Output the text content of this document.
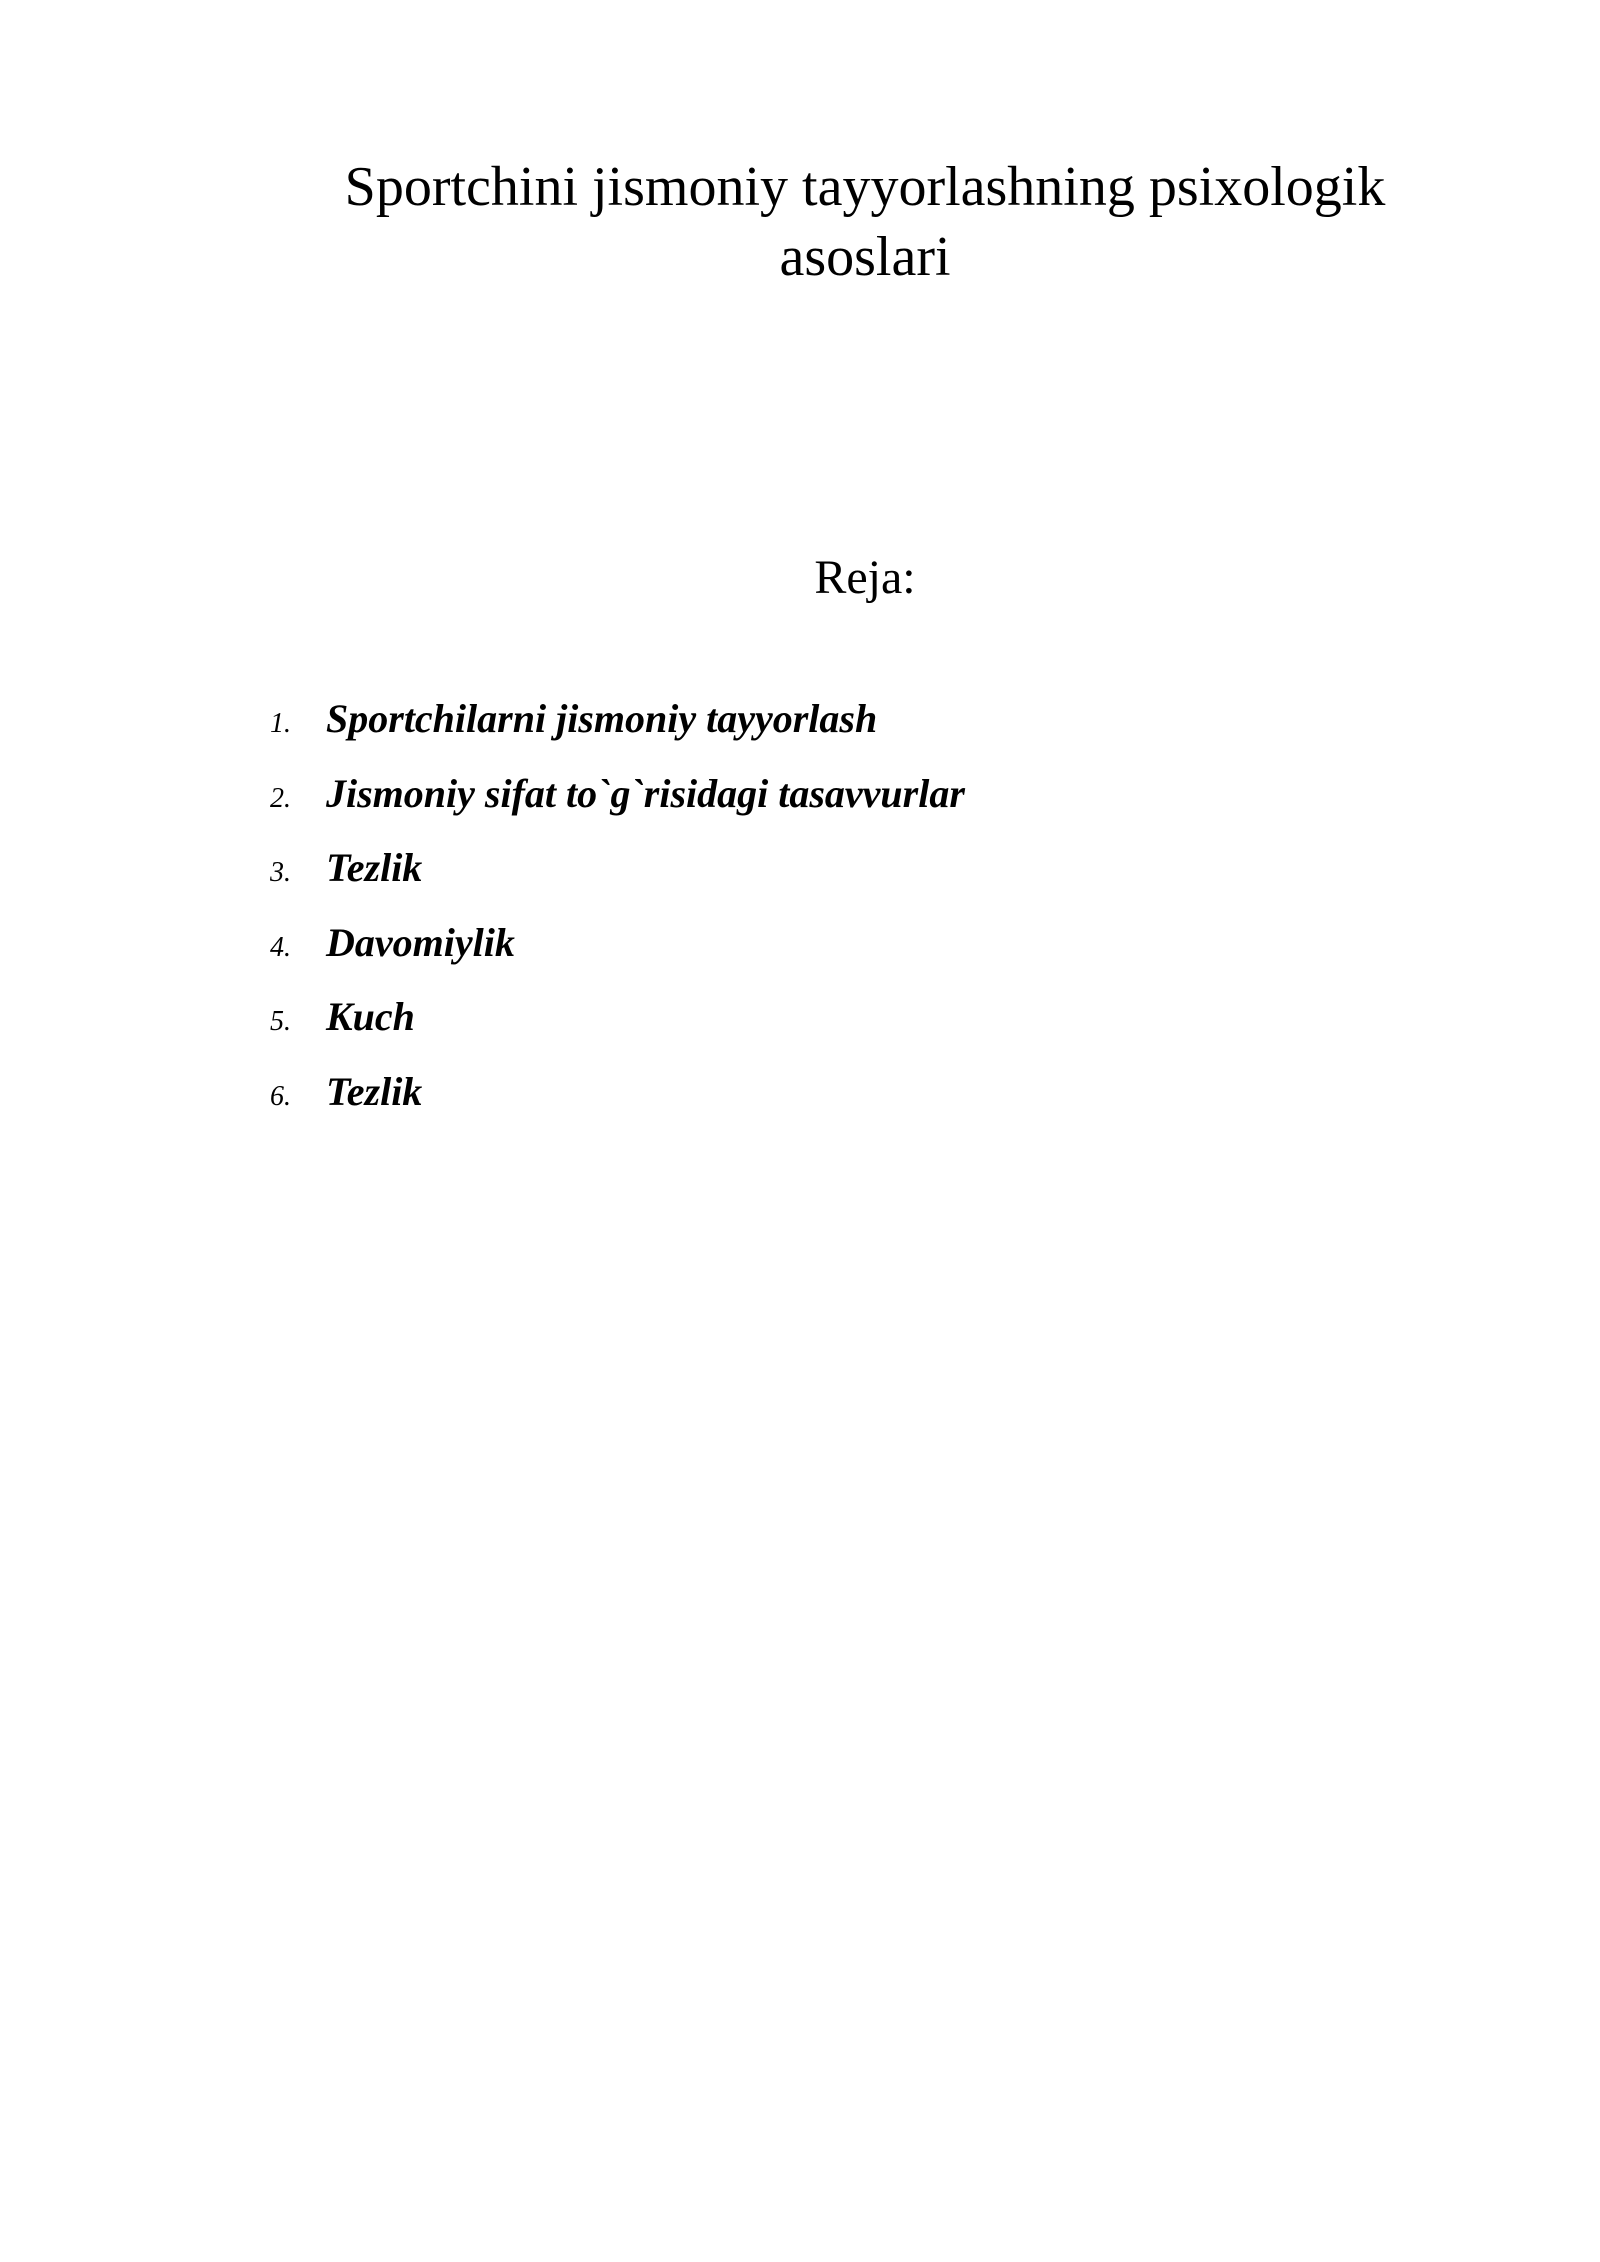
Sportchini jismoniy tayyorlashning psixologik asoslari
Reja:
1. Sportchilarni jismoniy tayyorlash
2. Jismoniy sifat to`g`risidagi tasavvurlar
3. Tezlik
4. Davomiylik
5. Kuch
6. Tezlik
